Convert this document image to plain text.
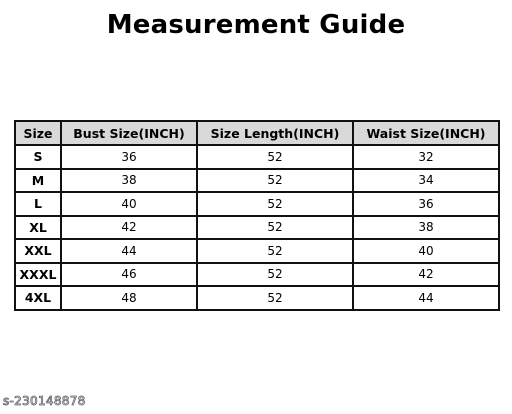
Measurement Guide
Size	Bust Size(INCH)	Size Length(INCH)	Waist Size(INCH)
S	36	52	32
M	38	52	34
L	40	52	36
XL	42	52	38
XXL	44	52	40
XXXL	46	52	42
4XL	48	52	44
s-230148878
